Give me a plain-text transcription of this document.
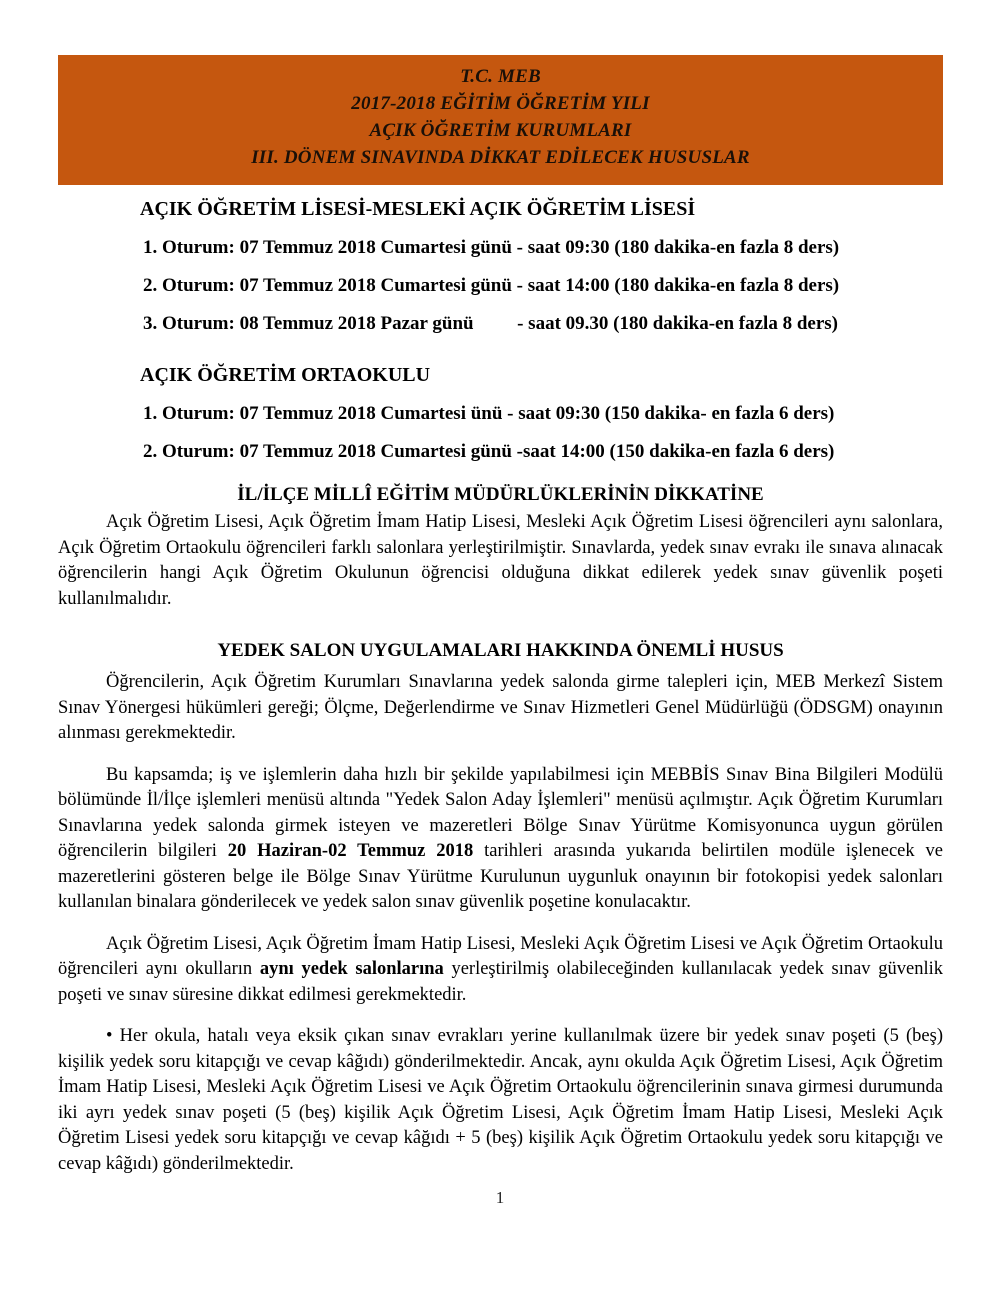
T.C. MEB
2017-2018 EĞİTİM ÖĞRETİM YILI
AÇIK ÖĞRETİM KURUMLARI
III. DÖNEM SINAVINDA DİKKAT EDİLECEK HUSUSLAR
AÇIK ÖĞRETİM LİSESİ-MESLEKİ AÇIK ÖĞRETİM LİSESİ
1. Oturum: 07 Temmuz 2018 Cumartesi günü - saat 09:30 (180 dakika-en fazla 8 ders)
2. Oturum: 07 Temmuz 2018 Cumartesi günü - saat 14:00 (180 dakika-en fazla 8 ders)
3. Oturum: 08 Temmuz 2018 Pazar günü - saat 09.30 (180 dakika-en fazla 8 ders)
AÇIK ÖĞRETİM ORTAOKULU
1. Oturum: 07 Temmuz 2018 Cumartesi ünü - saat 09:30 (150 dakika- en fazla 6 ders)
2. Oturum: 07 Temmuz 2018 Cumartesi günü -saat 14:00 (150 dakika-en fazla 6 ders)
İL/İLÇE MİLLÎ EĞİTİM MÜDÜRLÜKLERİNİN DİKKATİNE

Açık Öğretim Lisesi, Açık Öğretim İmam Hatip Lisesi, Mesleki Açık Öğretim Lisesi öğrencileri aynı salonlara, Açık Öğretim Ortaokulu öğrencileri farklı salonlara yerleştirilmiştir. Sınavlarda, yedek sınav evrakı ile sınava alınacak öğrencilerin hangi Açık Öğretim Okulunun öğrencisi olduğuna dikkat edilerek yedek sınav güvenlik poşeti kullanılmalıdır.

YEDEK SALON UYGULAMALARI HAKKINDA ÖNEMLİ HUSUS

Öğrencilerin, Açık Öğretim Kurumları Sınavlarına yedek salonda girme talepleri için, MEB Merkezî Sistem Sınav Yönergesi hükümleri gereği; Ölçme, Değerlendirme ve Sınav Hizmetleri Genel Müdürlüğü (ÖDSGM) onayının alınması gerekmektedir.

Bu kapsamda; iş ve işlemlerin daha hızlı bir şekilde yapılabilmesi için MEBBİS Sınav Bina Bilgileri Modülü bölümünde İl/İlçe işlemleri menüsü altında "Yedek Salon Aday İşlemleri" menüsü açılmıştır. Açık Öğretim Kurumları Sınavlarına yedek salonda girmek isteyen ve mazeretleri Bölge Sınav Yürütme Komisyonunca uygun görülen öğrencilerin bilgileri 20 Haziran-02 Temmuz 2018 tarihleri arasında yukarıda belirtilen modüle işlenecek ve mazeretlerini gösteren belge ile Bölge Sınav Yürütme Kurulunun uygunluk onayının bir fotokopisi yedek salonları kullanılan binalara gönderilecek ve yedek salon sınav güvenlik poşetine konulacaktır.

Açık Öğretim Lisesi, Açık Öğretim İmam Hatip Lisesi, Mesleki Açık Öğretim Lisesi ve Açık Öğretim Ortaokulu öğrencileri aynı okulların aynı yedek salonlarına yerleştirilmiş olabileceğinden kullanılacak yedek sınav güvenlik poşeti ve sınav süresine dikkat edilmesi gerekmektedir.

• Her okula, hatalı veya eksik çıkan sınav evrakları yerine kullanılmak üzere bir yedek sınav poşeti (5 (beş) kişilik yedek soru kitapçığı ve cevap kâğıdı) gönderilmektedir. Ancak, aynı okulda Açık Öğretim Lisesi, Açık Öğretim İmam Hatip Lisesi, Mesleki Açık Öğretim Lisesi ve Açık Öğretim Ortaokulu öğrencilerinin sınava girmesi durumunda iki ayrı yedek sınav poşeti (5 (beş) kişilik Açık Öğretim Lisesi, Açık Öğretim İmam Hatip Lisesi, Mesleki Açık Öğretim Lisesi yedek soru kitapçığı ve cevap kâğıdı + 5 (beş) kişilik Açık Öğretim Ortaokulu yedek soru kitapçığı ve cevap kâğıdı) gönderilmektedir.

1
